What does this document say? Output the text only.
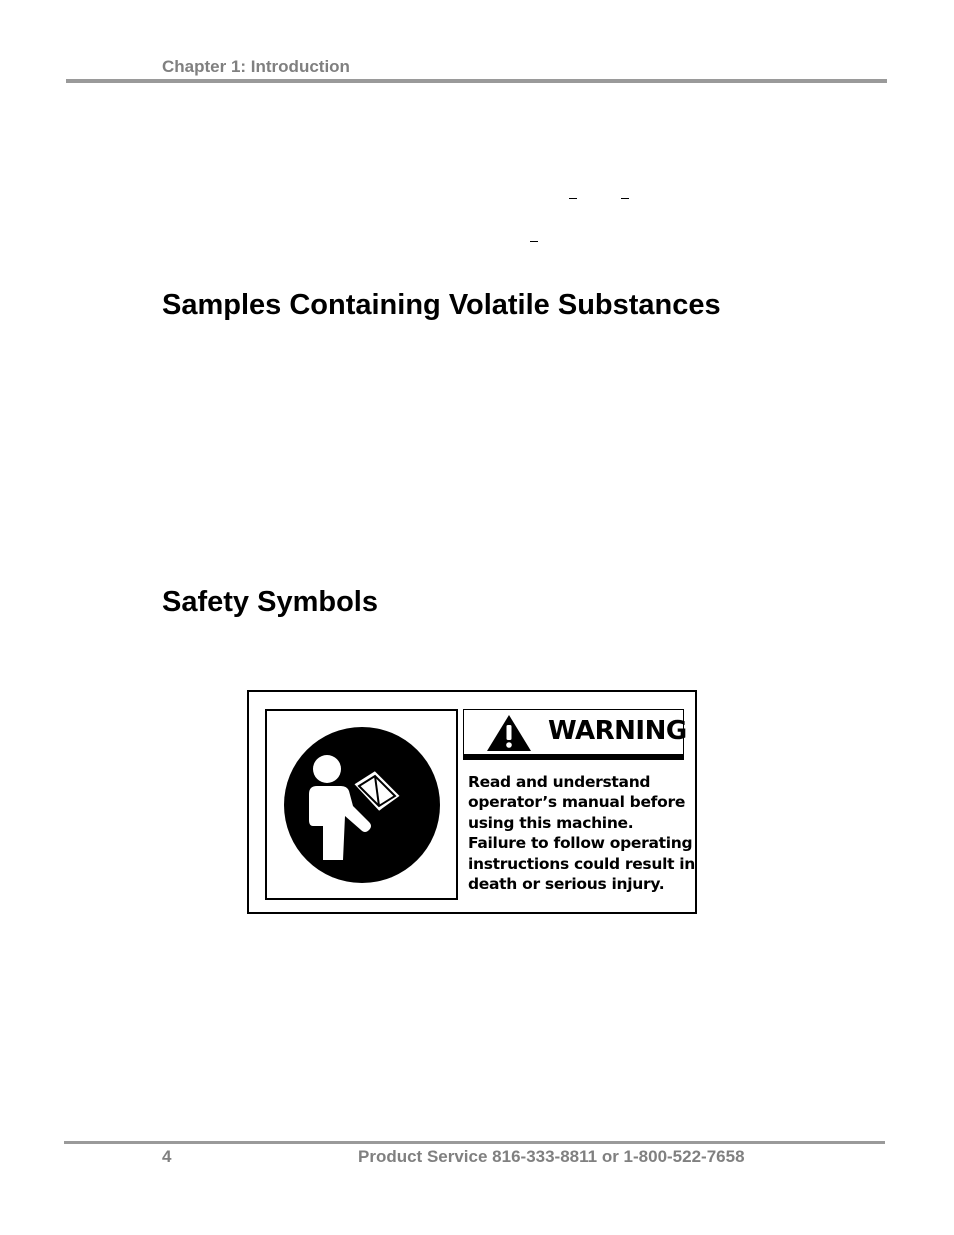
Chapter 1: Introduction
Samples Containing Volatile Substances
Safety Symbols
WARNING
Read and understand
operator’s manual before
using this machine.
Failure to follow operating
instructions could result in
death or serious injury.
4	Product Service 816-333-8811 or 1-800-522-7658
